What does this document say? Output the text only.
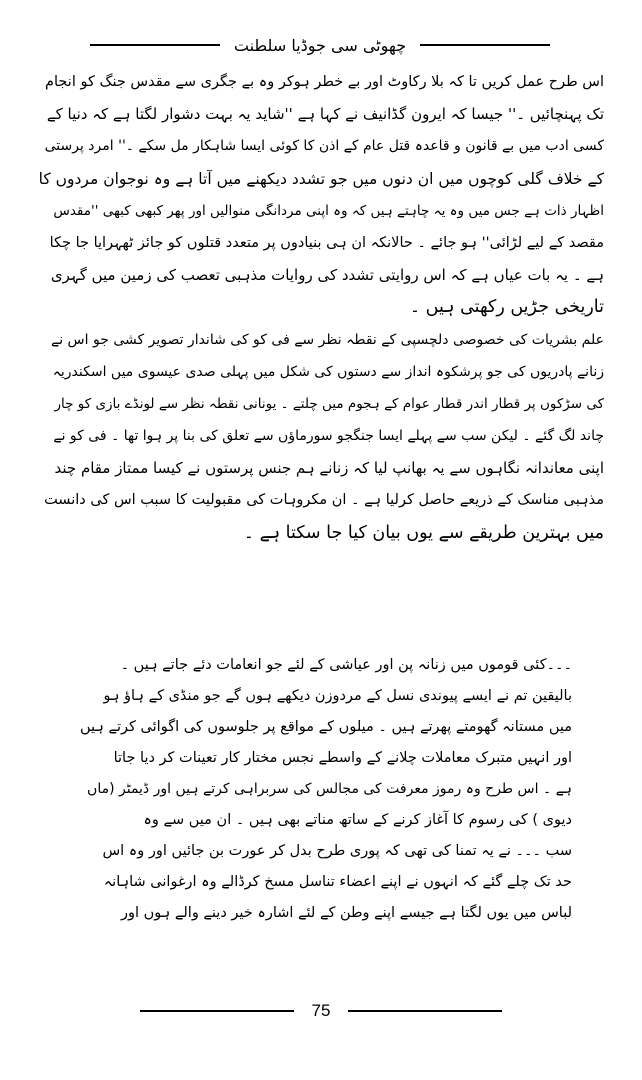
چھوٹی سی جوڈیا سلطنت
اس طرح عمل کریں تا کہ بلا رکاوٹ اور بے خطر ہوکر وہ بے جگری سے مقدس جنگ کو انجام
تک پہنچائیں ۔'' جیسا کہ ایرون گڈانیف نے کہا ہے ''شاید یہ بہت دشوار لگتا ہے کہ دنیا کے
کسی ادب میں بے قانون و قاعدہ قتل عام کے اذن کا کوئی ایسا شاہکار مل سکے ۔'' امرد پرستی
کے خلاف گلی کوچوں میں ان دنوں میں جو تشدد دیکھنے میں آتا ہے وہ نوجوان مردوں کا
اظہار ذات ہے جس میں وہ یہ چاہتے ہیں کہ وہ اپنی مردانگی منوالیں اور پھر کبھی کبھی ''مقدس
مقصد کے لیے لڑائی'' ہو جائے ۔ حالانکہ ان ہی بنیادوں پر متعدد قتلوں کو جائز ٹھہرایا جا چکا
ہے ۔ یہ بات عیاں ہے کہ اس روایتی تشدد کی روایات مذہبی تعصب کی زمین میں گہری
تاریخی جڑیں رکھتی ہیں ۔
علم بشریات کی خصوصی دلچسپی کے نقطہ نظر سے فی کو کی شاندار تصویر کشی جو اس نے
زنانے پادریوں کی جو پرشکوہ انداز سے دستوں کی شکل میں پہلی صدی عیسوی میں اسکندریہ
کی سڑکوں پر قطار اندر قطار عوام کے ہجوم میں چلتے ۔ یونانی نقطہ نظر سے لونڈے بازی کو چار
چاند لگ گئے ۔ لیکن سب سے پہلے ایسا جنگجو سورماؤں سے تعلق کی بنا پر ہوا تھا ۔ فی کو نے
اپنی معاندانہ نگاہوں سے یہ بھانپ لیا کہ زنانے ہم جنس پرستوں نے کیسا ممتاز مقام چند
مذہبی مناسک کے ذریعے حاصل کرلیا ہے ۔ ان مکروہات کی مقبولیت کا سبب اس کی دانست
میں بہترین طریقے سے یوں بیان کیا جا سکتا ہے ۔
۔۔۔کئی قوموں میں زنانہ پن اور عیاشی کے لئے جو انعامات دئے جاتے ہیں ۔
بالیقین تم نے ایسے پیوندی نسل کے مردوزن دیکھے ہوں گے جو منڈی کے ہاؤ ہو
میں مستانہ گھومتے پھرتے ہیں ۔ میلوں کے مواقع پر جلوسوں کی اگوائی کرتے ہیں
اور انہیں متبرک معاملات چلانے کے واسطے نجس مختار کار تعینات کر دیا جاتا
ہے ۔ اس طرح وہ رموز معرفت کی مجالس کی سربراہی کرتے ہیں اور ڈیمٹر (ماں
دیوی ) کی رسوم کا آغاز کرنے کے ساتھ مناتے بھی ہیں ۔ ان میں سے وہ
سب ۔۔۔ نے یہ تمنا کی تھی کہ پوری طرح بدل کر عورت بن جائیں اور وہ اس
حد تک چلے گئے کہ انہوں نے اپنے اعضاء تناسل مسخ کرڈالے وہ ارغوانی شاہانہ
لباس میں یوں لگتا ہے جیسے اپنے وطن کے لئے اشارہ خیر دینے والے ہوں اور
75
